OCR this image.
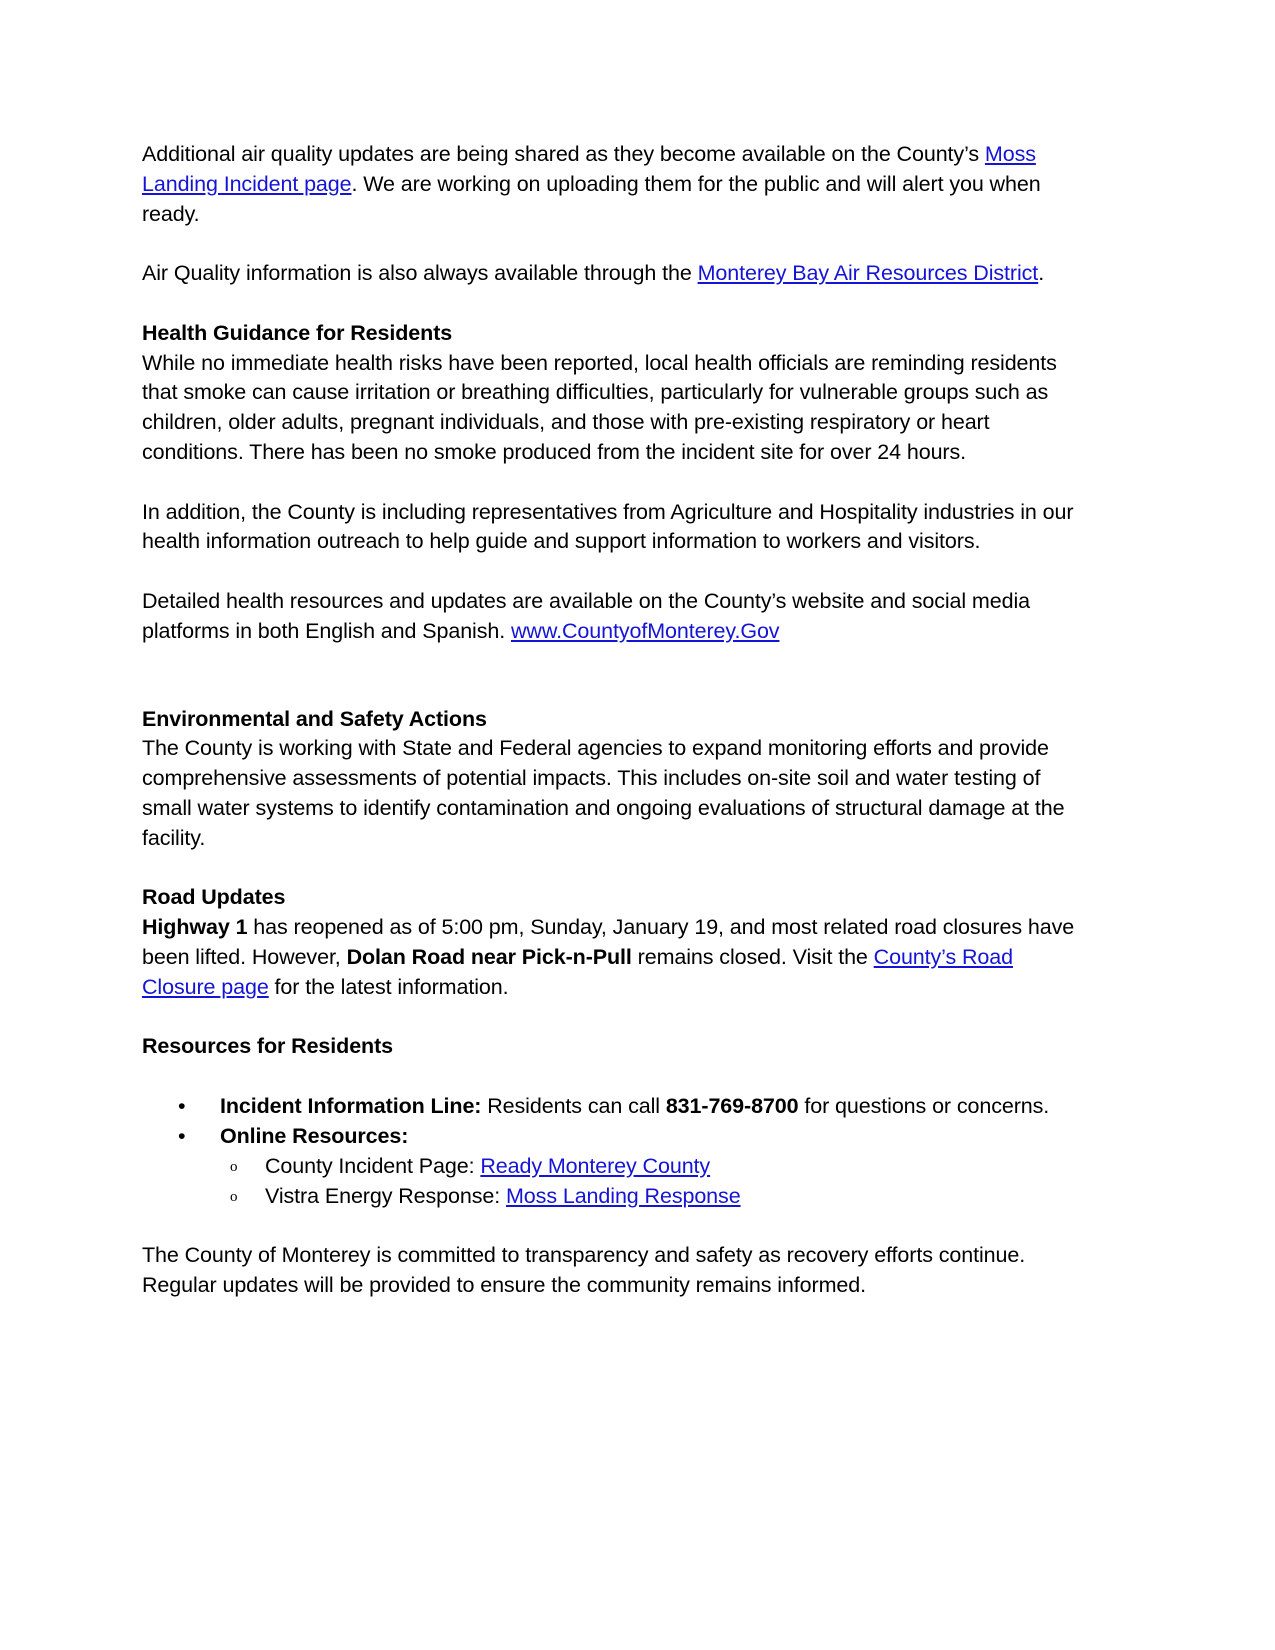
Additional air quality updates are being shared as they become available on the County’s Moss Landing Incident page. We are working on uploading them for the public and will alert you when ready.

Air Quality information is also always available through the Monterey Bay Air Resources District.

Health Guidance for Residents

While no immediate health risks have been reported, local health officials are reminding residents that smoke can cause irritation or breathing difficulties, particularly for vulnerable groups such as children, older adults, pregnant individuals, and those with pre-existing respiratory or heart conditions. There has been no smoke produced from the incident site for over 24 hours.

In addition, the County is including representatives from Agriculture and Hospitality industries in our health information outreach to help guide and support information to workers and visitors.

Detailed health resources and updates are available on the County’s website and social media platforms in both English and Spanish. www.CountyofMonterey.Gov

Environmental and Safety Actions

The County is working with State and Federal agencies to expand monitoring efforts and provide comprehensive assessments of potential impacts. This includes on-site soil and water testing of small water systems to identify contamination and ongoing evaluations of structural damage at the facility.

Road Updates

Highway 1 has reopened as of 5:00 pm, Sunday, January 19, and most related road closures have been lifted. However, Dolan Road near Pick-n-Pull remains closed. Visit the County’s Road Closure page for the latest information.

Resources for Residents

• Incident Information Line: Residents can call 831-769-8700 for questions or concerns.
• Online Resources:
o County Incident Page: Ready Monterey County
o Vistra Energy Response: Moss Landing Response

The County of Monterey is committed to transparency and safety as recovery efforts continue. Regular updates will be provided to ensure the community remains informed.
